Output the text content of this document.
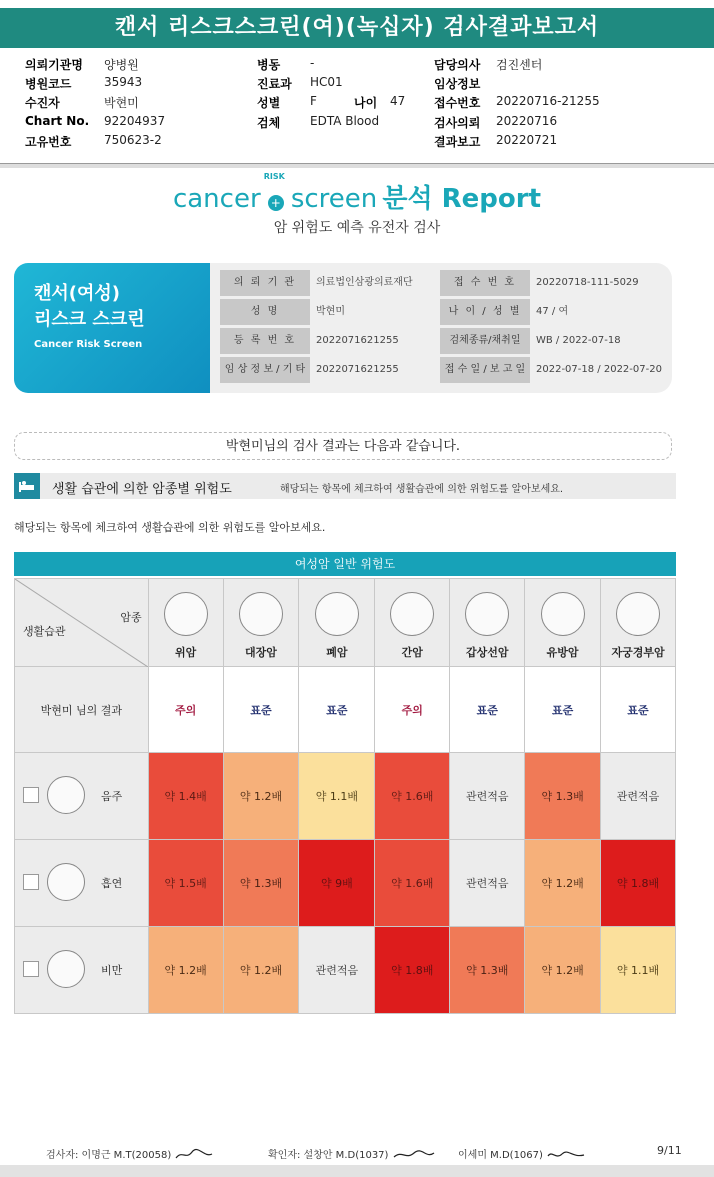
캔서 리스크스크린(여)(녹십자) 검사결과보고서
의뢰기관명 양병원
병원코드	35943
수진자	박현미
Chart No. 92204937
고유번호	750623-2
병동 -
진료과 HC01
성별 F	나이 47
검체 EDTA Blood
담당의사 검진센터
임상정보
접수번호 20220716-21255
검사의뢰 20220716
결과보고 20220721
cancer
RISK
+ screen 분석 Report
암 위험도 예측 유전자 검사
캔서(여성)
리스크 스크린
Cancer Risk Screen
의 뢰 기 관	의료법인삼광의료재단	접 수 번 호	20220718-111-5029
성 명	박현미	나 이 / 성 별	47 / 여
등 록 번 호	2022071621255	검체종류/채취일	WB / 2022-07-18
임 상 정 보 / 기 타	2022071621255	접 수 일 / 보 고 일	2022-07-18 / 2022-07-20
박현미님의 검사 결과는 다음과 같습니다.
생활 습관에 의한 암종별 위험도	해당되는 항목에 체크하여 생활습관에 의한 위험도를 알아보세요.
해당되는 항목에 체크하여 생활습관에 의한 위험도를 알아보세요.
여성암 일반 위험도
암종
생활습관	위암	대장암	폐암	간암	갑상선암	유방암	자궁경부암
박현미 님의 결과	주의	표준	표준	주의	표준	표준	표준

음주	약 1.4배	약 1.2배	약 1.1배	약 1.6배	관련적음	약 1.3배	관련적음

흡연	약 1.5배	약 1.3배	약 9배	약 1.6배	관련적음	약 1.2배	약 1.8배

비만	약 1.2배	약 1.2배	관련적음	약 1.8배	약 1.3배	약 1.2배	약 1.1배
검사자: 이명근 M.T(20058)	확인자: 설창안 M.D(1037)	이세미 M.D(1067)	9/11
